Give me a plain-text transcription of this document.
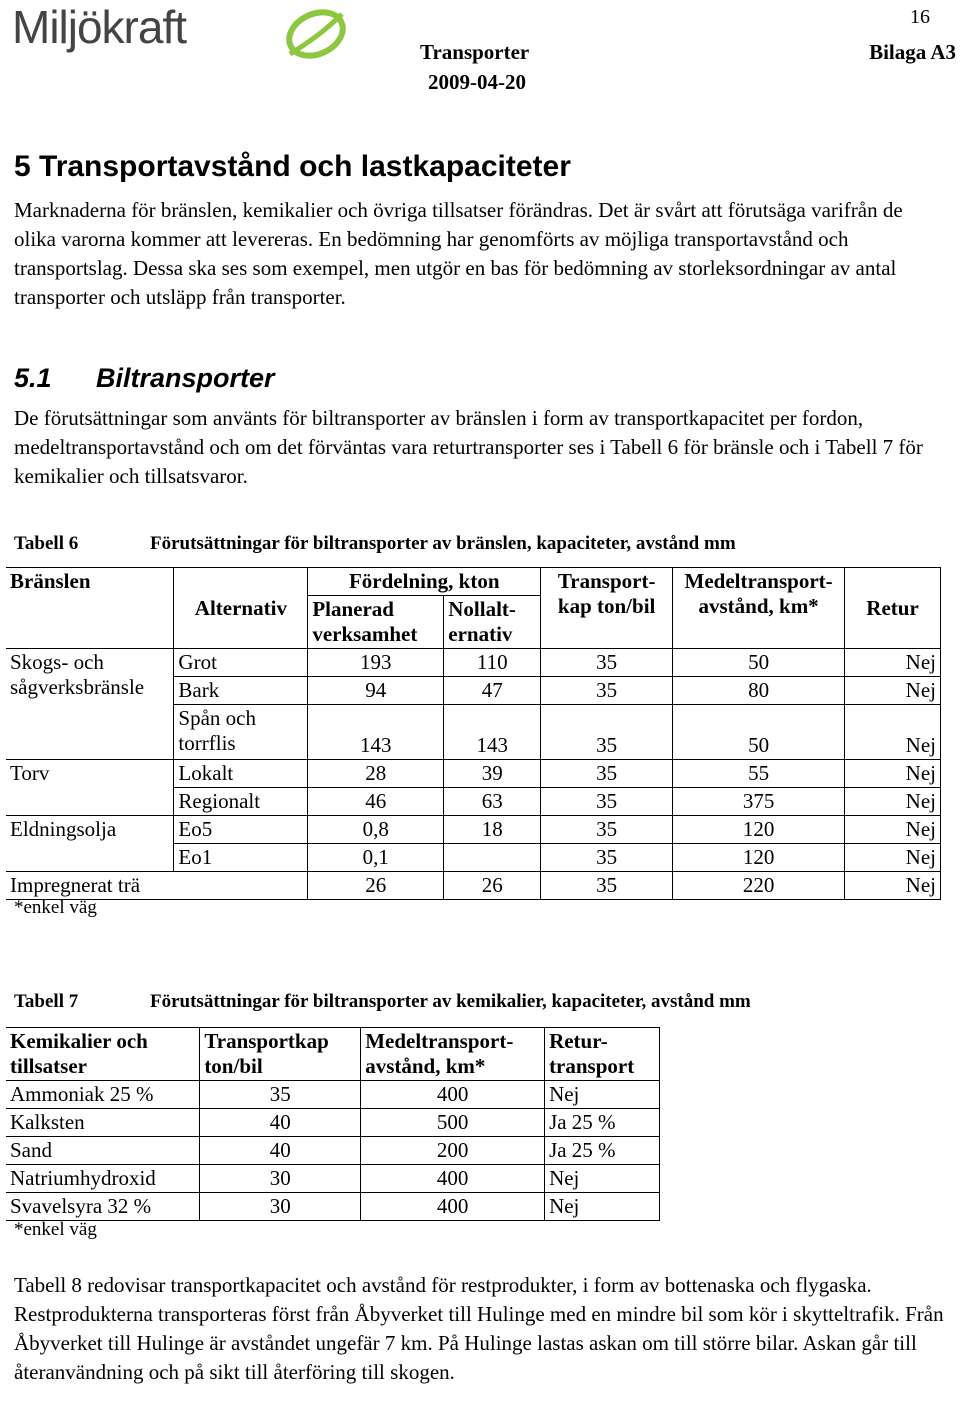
Miljökraft	16
Transporter	Bilaga A3
2009-04-20
5 Transportavstånd och lastkapaciteter

Marknaderna för bränslen, kemikalier och övriga tillsatser förändras. Det är svårt att förutsäga varifrån de olika varorna kommer att levereras. En bedömning har genomförts av möjliga transportavstånd och transportslag. Dessa ska ses som exempel, men utgör en bas för bedömning av storleksordningar av antal transporter och utsläpp från transporter.

5.1 Biltransporter

De förutsättningar som använts för biltransporter av bränslen i form av transportkapacitet per fordon, medeltransportavstånd och om det förväntas vara returtransporter ses i Tabell 6 för bränsle och i Tabell 7 för kemikalier och tillsatsvaror.

Tabell 6	Förutsättningar för biltransporter av bränslen, kapaciteter, avstånd mm
Bränslen	Alternativ	Fördelning, kton		Transport-kap ton/bil	Medeltransport-avstånd, km*	Retur
		Planerad verksamhet	Nollalt-ernativ			
Skogs- och sågverksbränsle	Grot	193	110	35	50	Nej
	Bark	94	47	35	80	Nej
	Spån och torrflis	143	143	35	50	Nej
Torv	Lokalt	28	39	35	55	Nej
	Regionalt	46	63	35	375	Nej
Eldningsolja	Eo5	0,8	18	35	120	Nej
	Eo1	0,1		35	120	Nej
Impregnerat trä		26	26	35	220	Nej
*enkel väg
Tabell 7	Förutsättningar för biltransporter av kemikalier, kapaciteter, avstånd mm
Kemikalier och tillsatser	Transportkap ton/bil	Medeltransport-avstånd, km*	Retur-transport
Ammoniak 25 %	35	400	Nej
Kalksten	40	500	Ja 25 %
Sand	40	200	Ja 25 %
Natriumhydroxid	30	400	Nej
Svavelsyra 32 %	30	400	Nej
*enkel väg

Tabell 8 redovisar transportkapacitet och avstånd för restprodukter, i form av bottenaska och flygaska. Restprodukterna transporteras först från Åbyverket till Hulinge med en mindre bil som kör i skytteltrafik. Från Åbyverket till Hulinge är avståndet ungefär 7 km. På Hulinge lastas askan om till större bilar. Askan går till återanvändning och på sikt till återföring till skogen.
